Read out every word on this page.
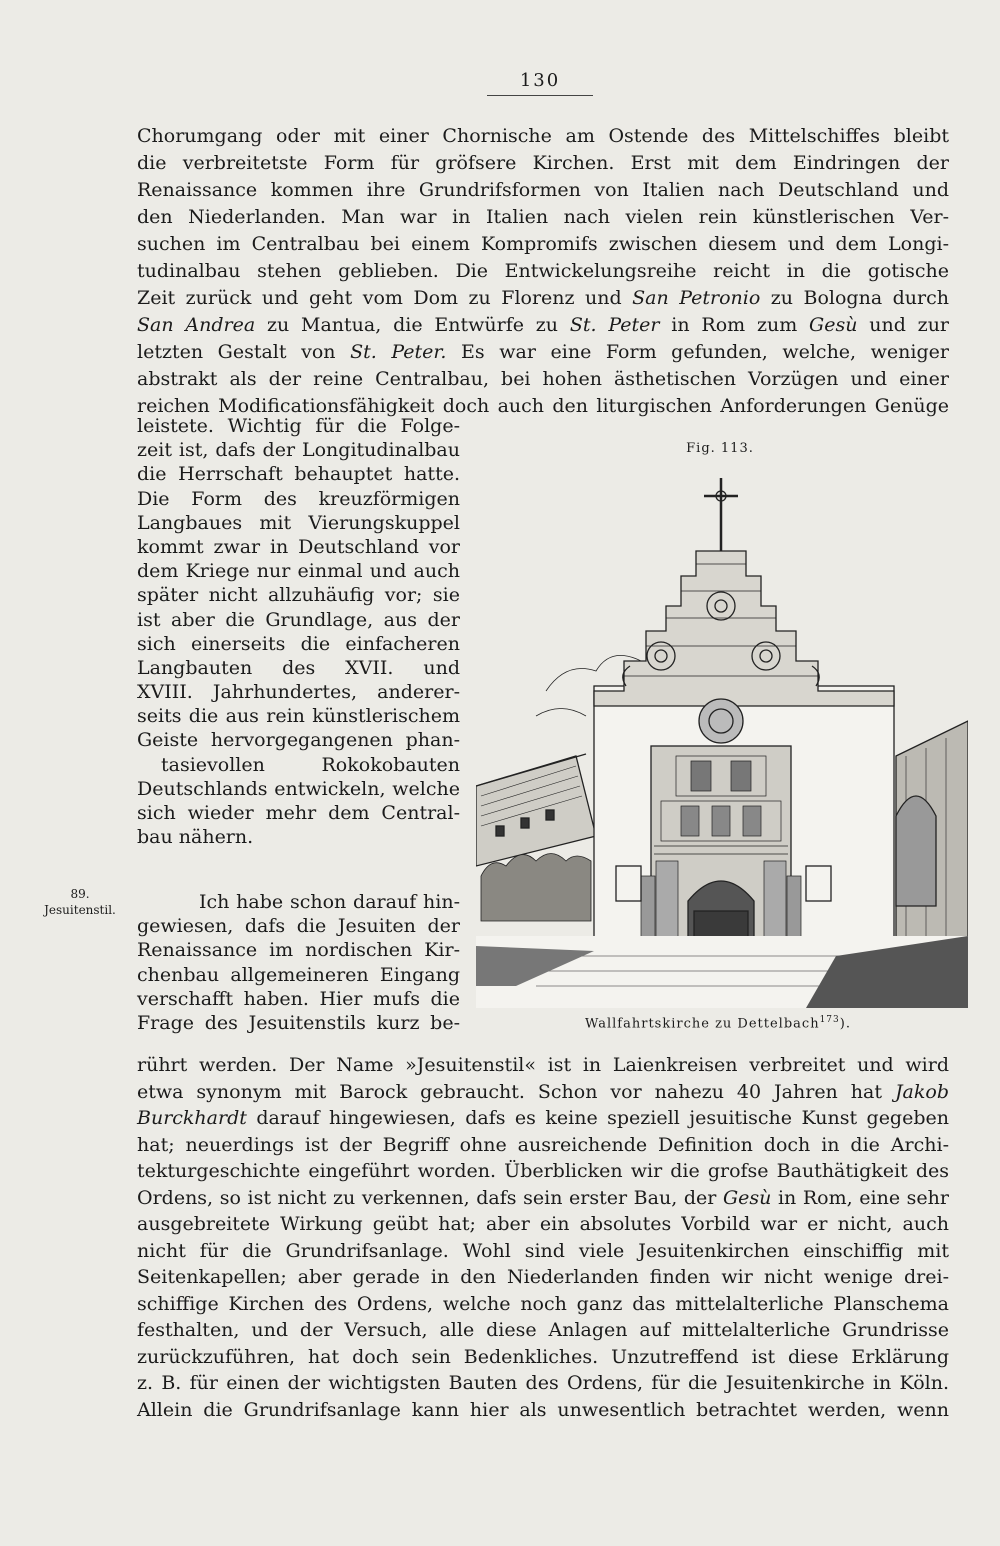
130
Chorumgang oder mit einer Chornische am Ostende des Mittelschiffes bleibt
die verbreitetste Form für gröfsere Kirchen. Erst mit dem Eindringen der
Renaissance kommen ihre Grundrifsformen von Italien nach Deutschland und
den Niederlanden. Man war in Italien nach vielen rein künstlerischen Ver-
suchen im Centralbau bei einem Kompromifs zwischen diesem und dem Longi-
tudinalbau stehen geblieben. Die Entwickelungsreihe reicht in die gotische
Zeit zurück und geht vom Dom zu Florenz und San Petronio zu Bologna durch
San Andrea zu Mantua, die Entwürfe zu St. Peter in Rom zum Gesù und zur
letzten Gestalt von St. Peter. Es war eine Form gefunden, welche, weniger
abstrakt als der reine Centralbau, bei hohen ästhetischen Vorzügen und einer
reichen Modificationsfähigkeit doch auch den liturgischen Anforderungen Genüge
leistete. Wichtig für die Folge-
zeit ist, dafs der Longitudinalbau
die Herrschaft behauptet hatte.
Die Form des kreuzförmigen
Langbaues mit Vierungskuppel
kommt zwar in Deutschland vor
dem Kriege nur einmal und auch
später nicht allzuhäufig vor; sie
ist aber die Grundlage, aus der
sich einerseits die einfacheren
Langbauten des XVII. und
XVIII. Jahrhundertes, anderer-
seits die aus rein künstlerischem
Geiste hervorgegangenen phan-
tasievollen Rokokobauten
Deutschlands entwickeln, welche
sich wieder mehr dem Central-
bau nähern.
Ich habe schon darauf hin-
gewiesen, dafs die Jesuiten der
Renaissance im nordischen Kir-
chenbau allgemeineren Eingang
verschafft haben. Hier mufs die
Frage des Jesuitenstils kurz be-
89.
Jesuitenstil.
Fig. 113.
Wallfahrtskirche zu Dettelbach$^{173}$).
rührt werden. Der Name »Jesuitenstil« ist in Laienkreisen verbreitet und wird
etwa synonym mit Barock gebraucht. Schon vor nahezu 40 Jahren hat Jakob
Burckhardt darauf hingewiesen, dafs es keine speziell jesuitische Kunst gegeben
hat; neuerdings ist der Begriff ohne ausreichende Definition doch in die Archi-
tekturgeschichte eingeführt worden. Überblicken wir die grofse Bauthätigkeit des
Ordens, so ist nicht zu verkennen, dafs sein erster Bau, der Gesù in Rom, eine sehr
ausgebreitete Wirkung geübt hat; aber ein absolutes Vorbild war er nicht, auch
nicht für die Grundrifsanlage. Wohl sind viele Jesuitenkirchen einschiffig mit
Seitenkapellen; aber gerade in den Niederlanden finden wir nicht wenige drei-
schiffige Kirchen des Ordens, welche noch ganz das mittelalterliche Planschema
festhalten, und der Versuch, alle diese Anlagen auf mittelalterliche Grundrisse
zurückzuführen, hat doch sein Bedenkliches. Unzutreffend ist diese Erklärung
z. B. für einen der wichtigsten Bauten des Ordens, für die Jesuitenkirche in Köln.
Allein die Grundrifsanlage kann hier als unwesentlich betrachtet werden, wenn
